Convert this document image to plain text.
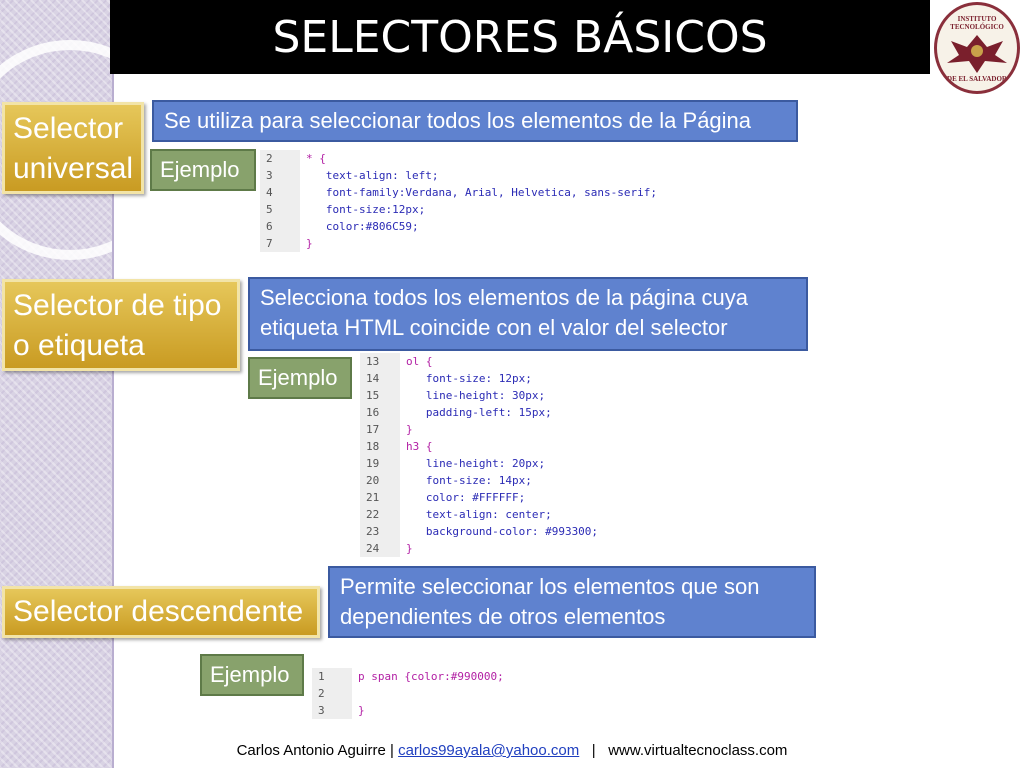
SELECTORES BÁSICOS	INSTITUTO TECNOLÓGICO
DE EL SALVADOR
Selector universal
Se utiliza para seleccionar todos los elementos de la Página
Ejemplo	2	* {
3	text-align: left;
4	font-family:Verdana, Arial, Helvetica, sans-serif;
5	font-size:12px;
6	color:#806C59;
7	}
Selector de tipo o etiqueta
Selecciona todos los elementos de la página cuya etiqueta HTML coincide con el valor del selector
Ejemplo
13	ol {
14	font-size: 12px;
15	line-height: 30px;
16	padding-left: 15px;
17	}
18	h3 {
19	line-height: 20px;
20	font-size: 14px;
21	color: #FFFFFF;
22	text-align: center;
23	background-color: #993300;
24	}
Selector descendente
Permite seleccionar los elementos que son dependientes de otros elementos
Ejemplo	1	p span {color:#990000;
2
3	}
Carlos Antonio Aguirre | carlos99ayala@yahoo.com | www.virtualtecnoclass.com
